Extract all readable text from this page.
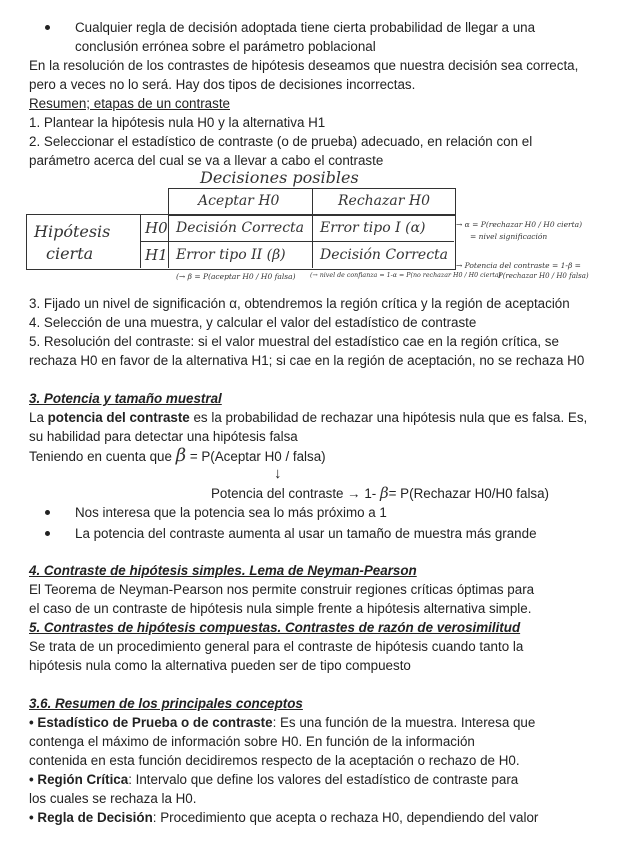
Cualquier regla de decisión adoptada tiene cierta probabilidad de llegar a una
conclusión errónea sobre el parámetro poblacional
En la resolución de los contrastes de hipótesis deseamos que nuestra decisión sea correcta,
pero a veces no lo será. Hay dos tipos de decisiones incorrectas.
Resumen; etapas de un contraste
1. Plantear la hipótesis nula H0 y la alternativa H1
2. Seleccionar el estadístico de contraste (o de prueba) adecuado, en relación con el
parámetro acerca del cual se va a llevar a cabo el contraste
Decisiones posibles
Aceptar H0	Rechazar H0
Hipótesis
cierta
H0
H1
Decisión Correcta Error tipo I (α)
Error tipo II (β) Decisión Correcta
→ α = P(rechazar H0 / H0 cierta)
= nivel significación
→ Potencia del contraste = 1-β =
P(rechazar H0 / H0 falsa)
(→ β = P(aceptar H0 / H0 falsa) (→ nivel de confianza = 1-α = P(no rechazar H0 / H0 cierta)
3. Fijado un nivel de significación α, obtendremos la región crítica y la región de aceptación
4. Selección de una muestra, y calcular el valor del estadístico de contraste
5. Resolución del contraste: si el valor muestral del estadístico cae en la región crítica, se
rechaza H0 en favor de la alternativa H1; si cae en la región de aceptación, no se rechaza H0
3. Potencia y tamaño muestral
La potencia del contraste es la probabilidad de rechazar una hipótesis nula que es falsa. Es,
su habilidad para detectar una hipótesis falsa
Teniendo en cuenta que β = P(Aceptar H0 / falsa)
↓
Potencia del contraste → 1- β= P(Rechazar H0/H0 falsa)
Nos interesa que la potencia sea lo más próximo a 1
La potencia del contraste aumenta al usar un tamaño de muestra más grande
4. Contraste de hipótesis simples. Lema de Neyman-Pearson
El Teorema de Neyman-Pearson nos permite construir regiones críticas óptimas para
el caso de un contraste de hipótesis nula simple frente a hipótesis alternativa simple.
5. Contrastes de hipótesis compuestas. Contrastes de razón de verosimilitud
Se trata de un procedimiento general para el contraste de hipótesis cuando tanto la
hipótesis nula como la alternativa pueden ser de tipo compuesto
3.6. Resumen de los principales conceptos
• Estadístico de Prueba o de contraste: Es una función de la muestra. Interesa que
contenga el máximo de información sobre H0. En función de la información
contenida en esta función decidiremos respecto de la aceptación o rechazo de H0.
• Región Crítica: Intervalo que define los valores del estadístico de contraste para
los cuales se rechaza la H0.
• Regla de Decisión: Procedimiento que acepta o rechaza H0, dependiendo del valor
